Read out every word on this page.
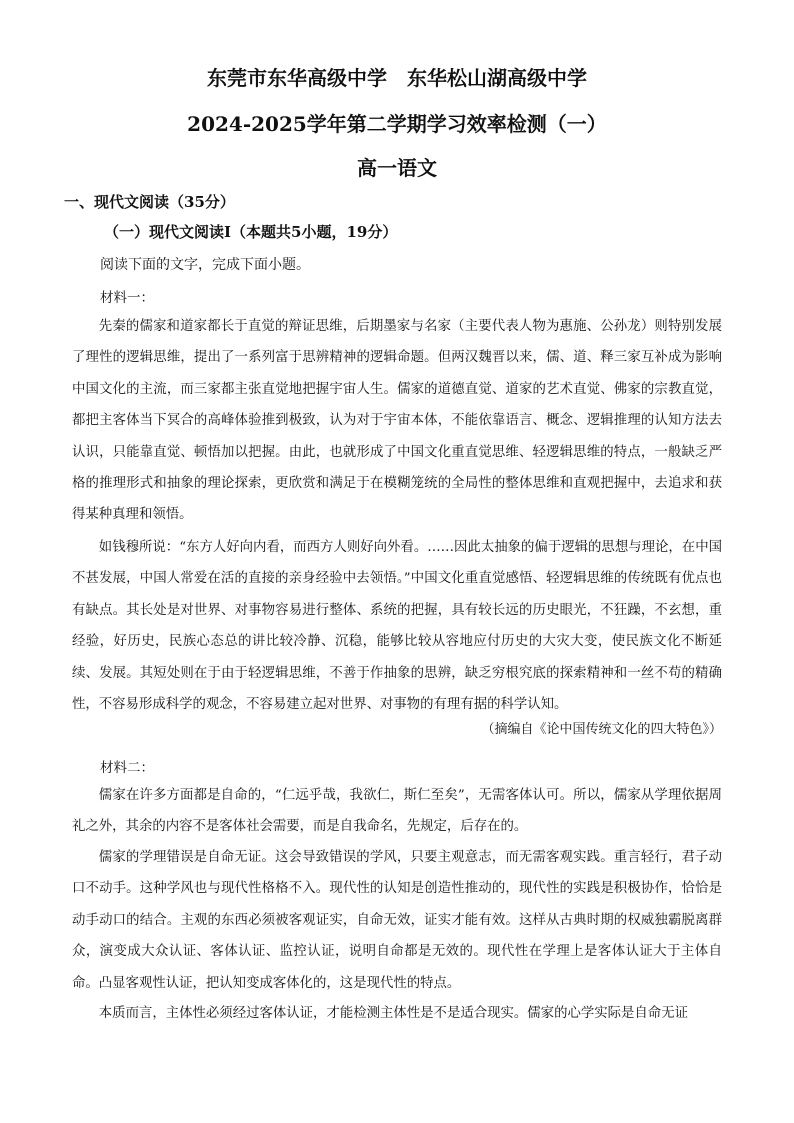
东莞市东华高级中学　东华松山湖高级中学
2024-2025学年第二学期学习效率检测（一）
高一语文
一、现代文阅读（35分）
（一）现代文阅读Ⅰ（本题共5小题，19分）
阅读下面的文字，完成下面小题。
材料一：

先秦的儒家和道家都长于直觉的辩证思维，后期墨家与名家（主要代表人物为惠施、公孙龙）则特别发展了理性的逻辑思维，提出了一系列富于思辨精神的逻辑命题。但两汉魏晋以来，儒、道、释三家互补成为影响中国文化的主流，而三家都主张直觉地把握宇宙人生。儒家的道德直觉、道家的艺术直觉、佛家的宗教直觉，都把主客体当下冥合的高峰体验推到极致，认为对于宇宙本体，不能依靠语言、概念、逻辑推理的认知方法去认识，只能靠直觉、顿悟加以把握。由此，也就形成了中国文化重直觉思维、轻逻辑思维的特点，一般缺乏严格的推理形式和抽象的理论探索，更欣赏和满足于在模糊笼统的全局性的整体思维和直观把握中，去追求和获得某种真理和领悟。

如钱穆所说：“东方人好向内看，而西方人则好向外看。……因此太抽象的偏于逻辑的思想与理论，在中国不甚发展，中国人常爱在活的直接的亲身经验中去领悟。”中国文化重直觉感悟、轻逻辑思维的传统既有优点也有缺点。其长处是对世界、对事物容易进行整体、系统的把握，具有较长远的历史眼光，不狂躁，不玄想，重经验，好历史，民族心态总的讲比较冷静、沉稳，能够比较从容地应付历史的大灾大变，使民族文化不断延续、发展。其短处则在于由于轻逻辑思维，不善于作抽象的思辨，缺乏穷根究底的探索精神和一丝不苟的精确性，不容易形成科学的观念，不容易建立起对世界、对事物的有理有据的科学认知。

（摘编自《论中国传统文化的四大特色》）
材料二：

儒家在许多方面都是自命的，“仁远乎哉，我欲仁，斯仁至矣”，无需客体认可。所以，儒家从学理依据周礼之外，其余的内容不是客体社会需要，而是自我命名，先规定，后存在的。

儒家的学理错误是自命无证。这会导致错误的学风，只要主观意志，而无需客观实践。重言轻行，君子动口不动手。这种学风也与现代性格格不入。现代性的认知是创造性推动的，现代性的实践是积极协作，恰恰是动手动口的结合。主观的东西必须被客观证实，自命无效，证实才能有效。这样从古典时期的权威独霸脱离群众，演变成大众认证、客体认证、监控认证，说明自命都是无效的。现代性在学理上是客体认证大于主体自命。凸显客观性认证，把认知变成客体化的，这是现代性的特点。

本质而言，主体性必须经过客体认证，才能检测主体性是不是适合现实。儒家的心学实际是自命无证
